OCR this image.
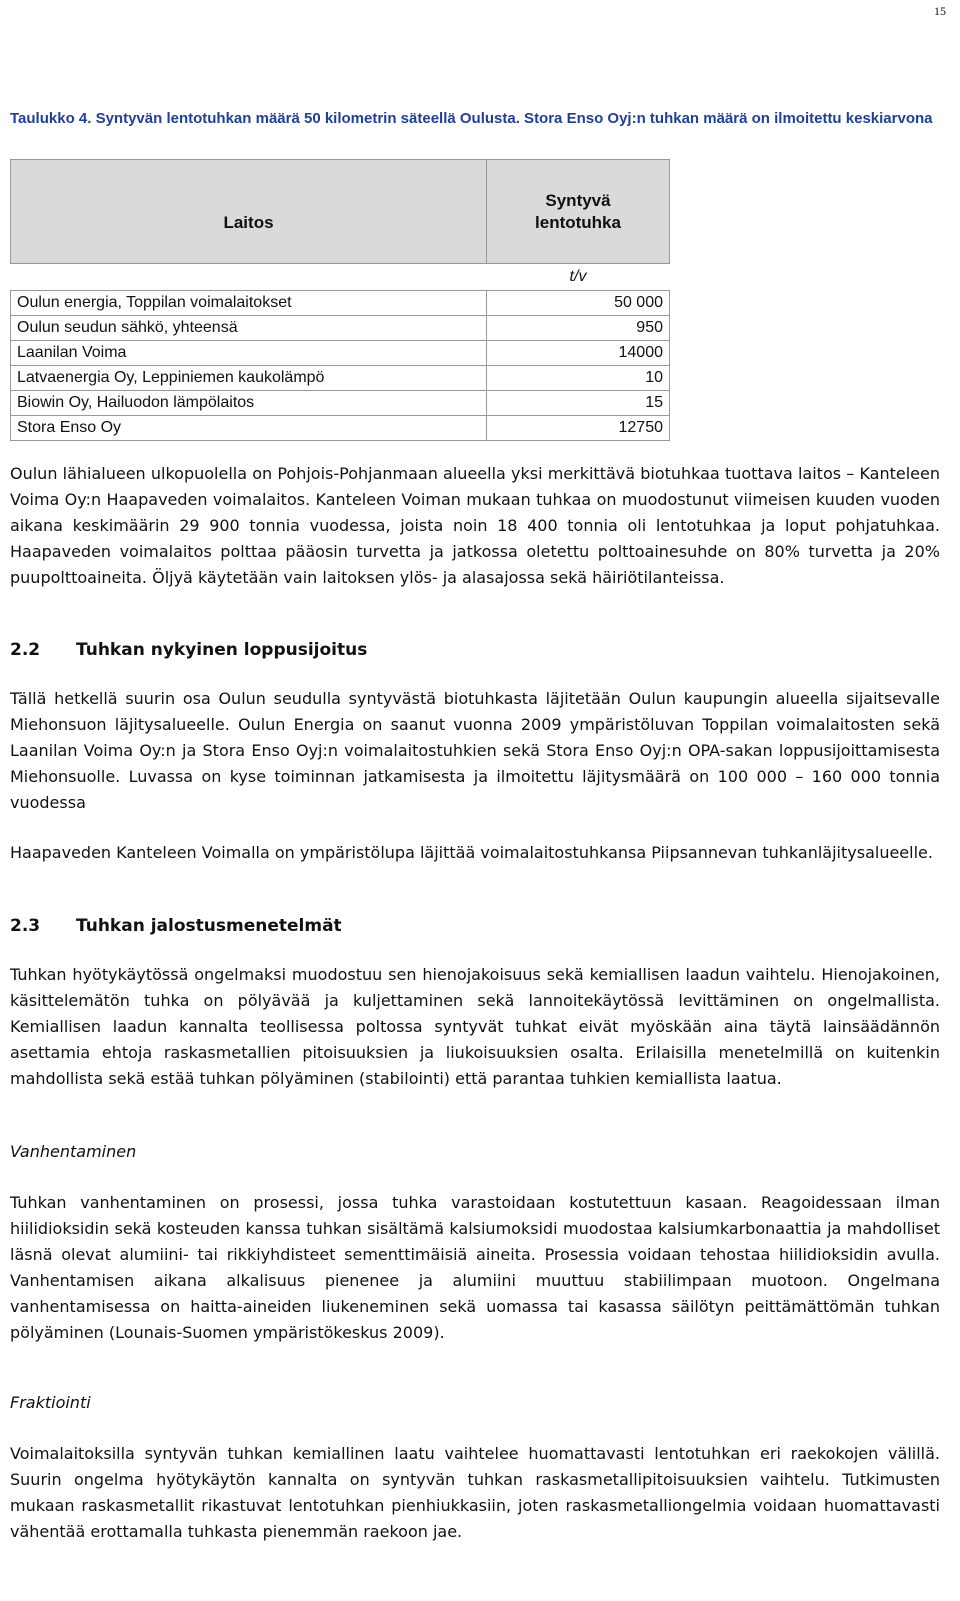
15
Taulukko 4. Syntyvän lentotuhkan määrä 50 kilometrin säteellä Oulusta. Stora Enso Oyj:n tuhkan määrä on ilmoitettu keskiarvona
Laitos	Syntyvä lentotuhka
	t/v
Oulun energia, Toppilan voimalaitokset	50 000
Oulun seudun sähkö, yhteensä	950
Laanilan Voima	14000
Latvaenergia Oy, Leppiniemen kaukolämpö	10
Biowin Oy, Hailuodon lämpölaitos	15
Stora Enso Oy	12750
Oulun lähialueen ulkopuolella on Pohjois-Pohjanmaan alueella yksi merkittävä biotuhkaa tuottava laitos – Kanteleen Voima Oy:n Haapaveden voimalaitos. Kanteleen Voiman mukaan tuhkaa on muodostunut viimeisen kuuden vuoden aikana keskimäärin 29 900 tonnia vuodessa, joista noin 18 400 tonnia oli lentotuhkaa ja loput pohjatuhkaa. Haapaveden voimalaitos polttaa pääosin turvetta ja jatkossa oletettu polttoainesuhde on 80% turvetta ja 20% puupolttoaineita. Öljyä käytetään vain laitoksen ylös- ja alasajossa sekä häiriötilanteissa.
2.2 Tuhkan nykyinen loppusijoitus
Tällä hetkellä suurin osa Oulun seudulla syntyvästä biotuhkasta läjitetään Oulun kaupungin alueella sijaitsevalle Miehonsuon läjitysalueelle. Oulun Energia on saanut vuonna 2009 ympäristöluvan Toppilan voimalaitosten sekä Laanilan Voima Oy:n ja Stora Enso Oyj:n voimalaitostuhkien sekä Stora Enso Oyj:n OPA-sakan loppusijoittamisesta Miehonsuolle. Luvassa on kyse toiminnan jatkamisesta ja ilmoitettu läjitysmäärä on 100 000 – 160 000 tonnia vuodessa
Haapaveden Kanteleen Voimalla on ympäristölupa läjittää voimalaitostuhkansa Piipsannevan tuhkanläjitysalueelle.
2.3 Tuhkan jalostusmenetelmät
Tuhkan hyötykäytössä ongelmaksi muodostuu sen hienojakoisuus sekä kemiallisen laadun vaihtelu. Hienojakoinen, käsittelemätön tuhka on pölyävää ja kuljettaminen sekä lannoitekäytössä levittäminen on ongelmallista. Kemiallisen laadun kannalta teollisessa poltossa syntyvät tuhkat eivät myöskään aina täytä lainsäädännön asettamia ehtoja raskasmetallien pitoisuuksien ja liukoisuuksien osalta. Erilaisilla menetelmillä on kuitenkin mahdollista sekä estää tuhkan pölyäminen (stabilointi) että parantaa tuhkien kemiallista laatua.
Vanhentaminen
Tuhkan vanhentaminen on prosessi, jossa tuhka varastoidaan kostutettuun kasaan. Reagoidessaan ilman hiilidioksidin sekä kosteuden kanssa tuhkan sisältämä kalsiumoksidi muodostaa kalsiumkarbonaattia ja mahdolliset läsnä olevat alumiini- tai rikkiyhdisteet sementtimäisiä aineita. Prosessia voidaan tehostaa hiilidioksidin avulla. Vanhentamisen aikana alkalisuus pienenee ja alumiini muuttuu stabiilimpaan muotoon. Ongelmana vanhentamisessa on haitta-aineiden liukeneminen sekä uomassa tai kasassa säilötyn peittämättömän tuhkan pölyäminen (Lounais-Suomen ympäristökeskus 2009).
Fraktiointi
Voimalaitoksilla syntyvän tuhkan kemiallinen laatu vaihtelee huomattavasti lentotuhkan eri raekokojen välillä. Suurin ongelma hyötykäytön kannalta on syntyvän tuhkan raskasmetallipitoisuuksien vaihtelu. Tutkimusten mukaan raskasmetallit rikastuvat lentotuhkan pienhiukkasiin, joten raskasmetalliongelmia voidaan huomattavasti vähentää erottamalla tuhkasta pienemmän raekoon jae.
